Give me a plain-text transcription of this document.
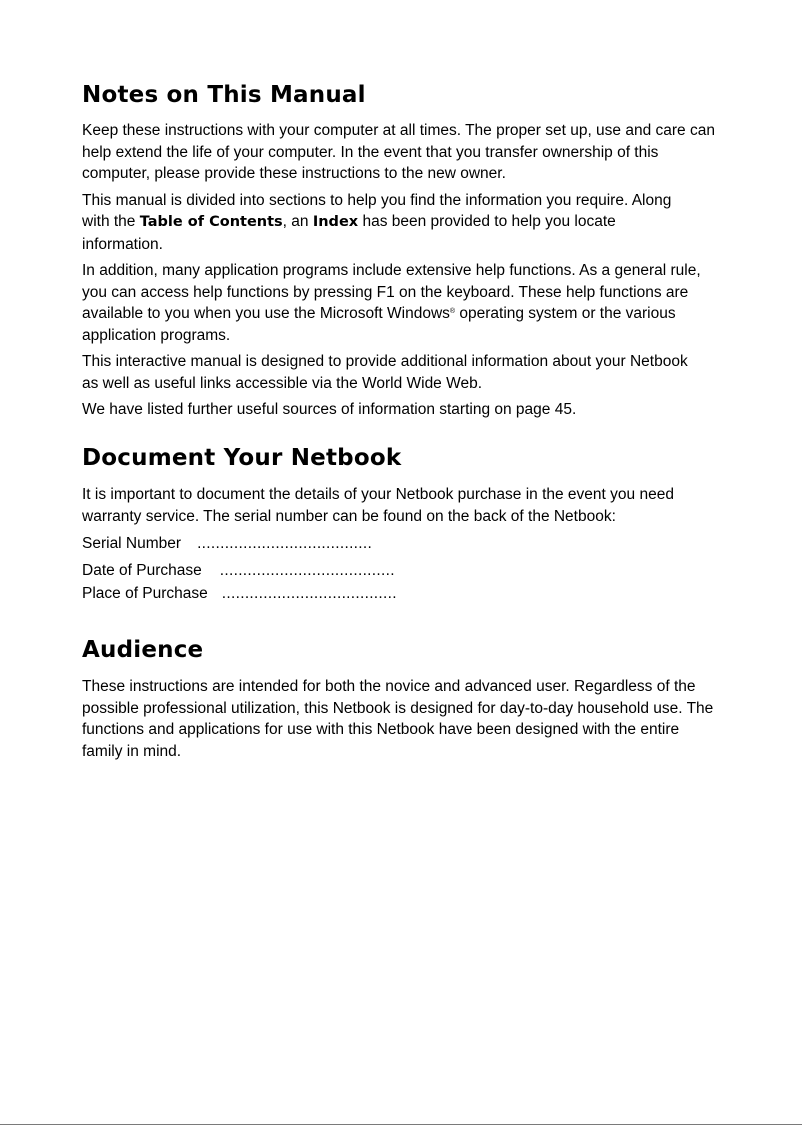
Notes on This Manual

Keep these instructions with your computer at all times. The proper set up, use and care can help extend the life of your computer. In the event that you transfer ownership of this computer, please provide these instructions to the new owner.

This manual is divided into sections to help you find the information you require. Along with the Table of Contents, an Index has been provided to help you locate information.

In addition, many application programs include extensive help functions. As a general rule, you can access help functions by pressing F1 on the keyboard. These help functions are available to you when you use the Microsoft Windows® operating system or the various application programs.

This interactive manual is designed to provide additional information about your Netbook as well as useful links accessible via the World Wide Web.

We have listed further useful sources of information starting on page 45.

Document Your Netbook

It is important to document the details of your Netbook purchase in the event you need warranty service. The serial number can be found on the back of the Netbook:

Serial Number ......................................

Date of Purchase ......................................

Place of Purchase ......................................

Audience

These instructions are intended for both the novice and advanced user. Regardless of the possible professional utilization, this Netbook is designed for day-to-day household use. The functions and applications for use with this Netbook have been designed with the entire family in mind.
